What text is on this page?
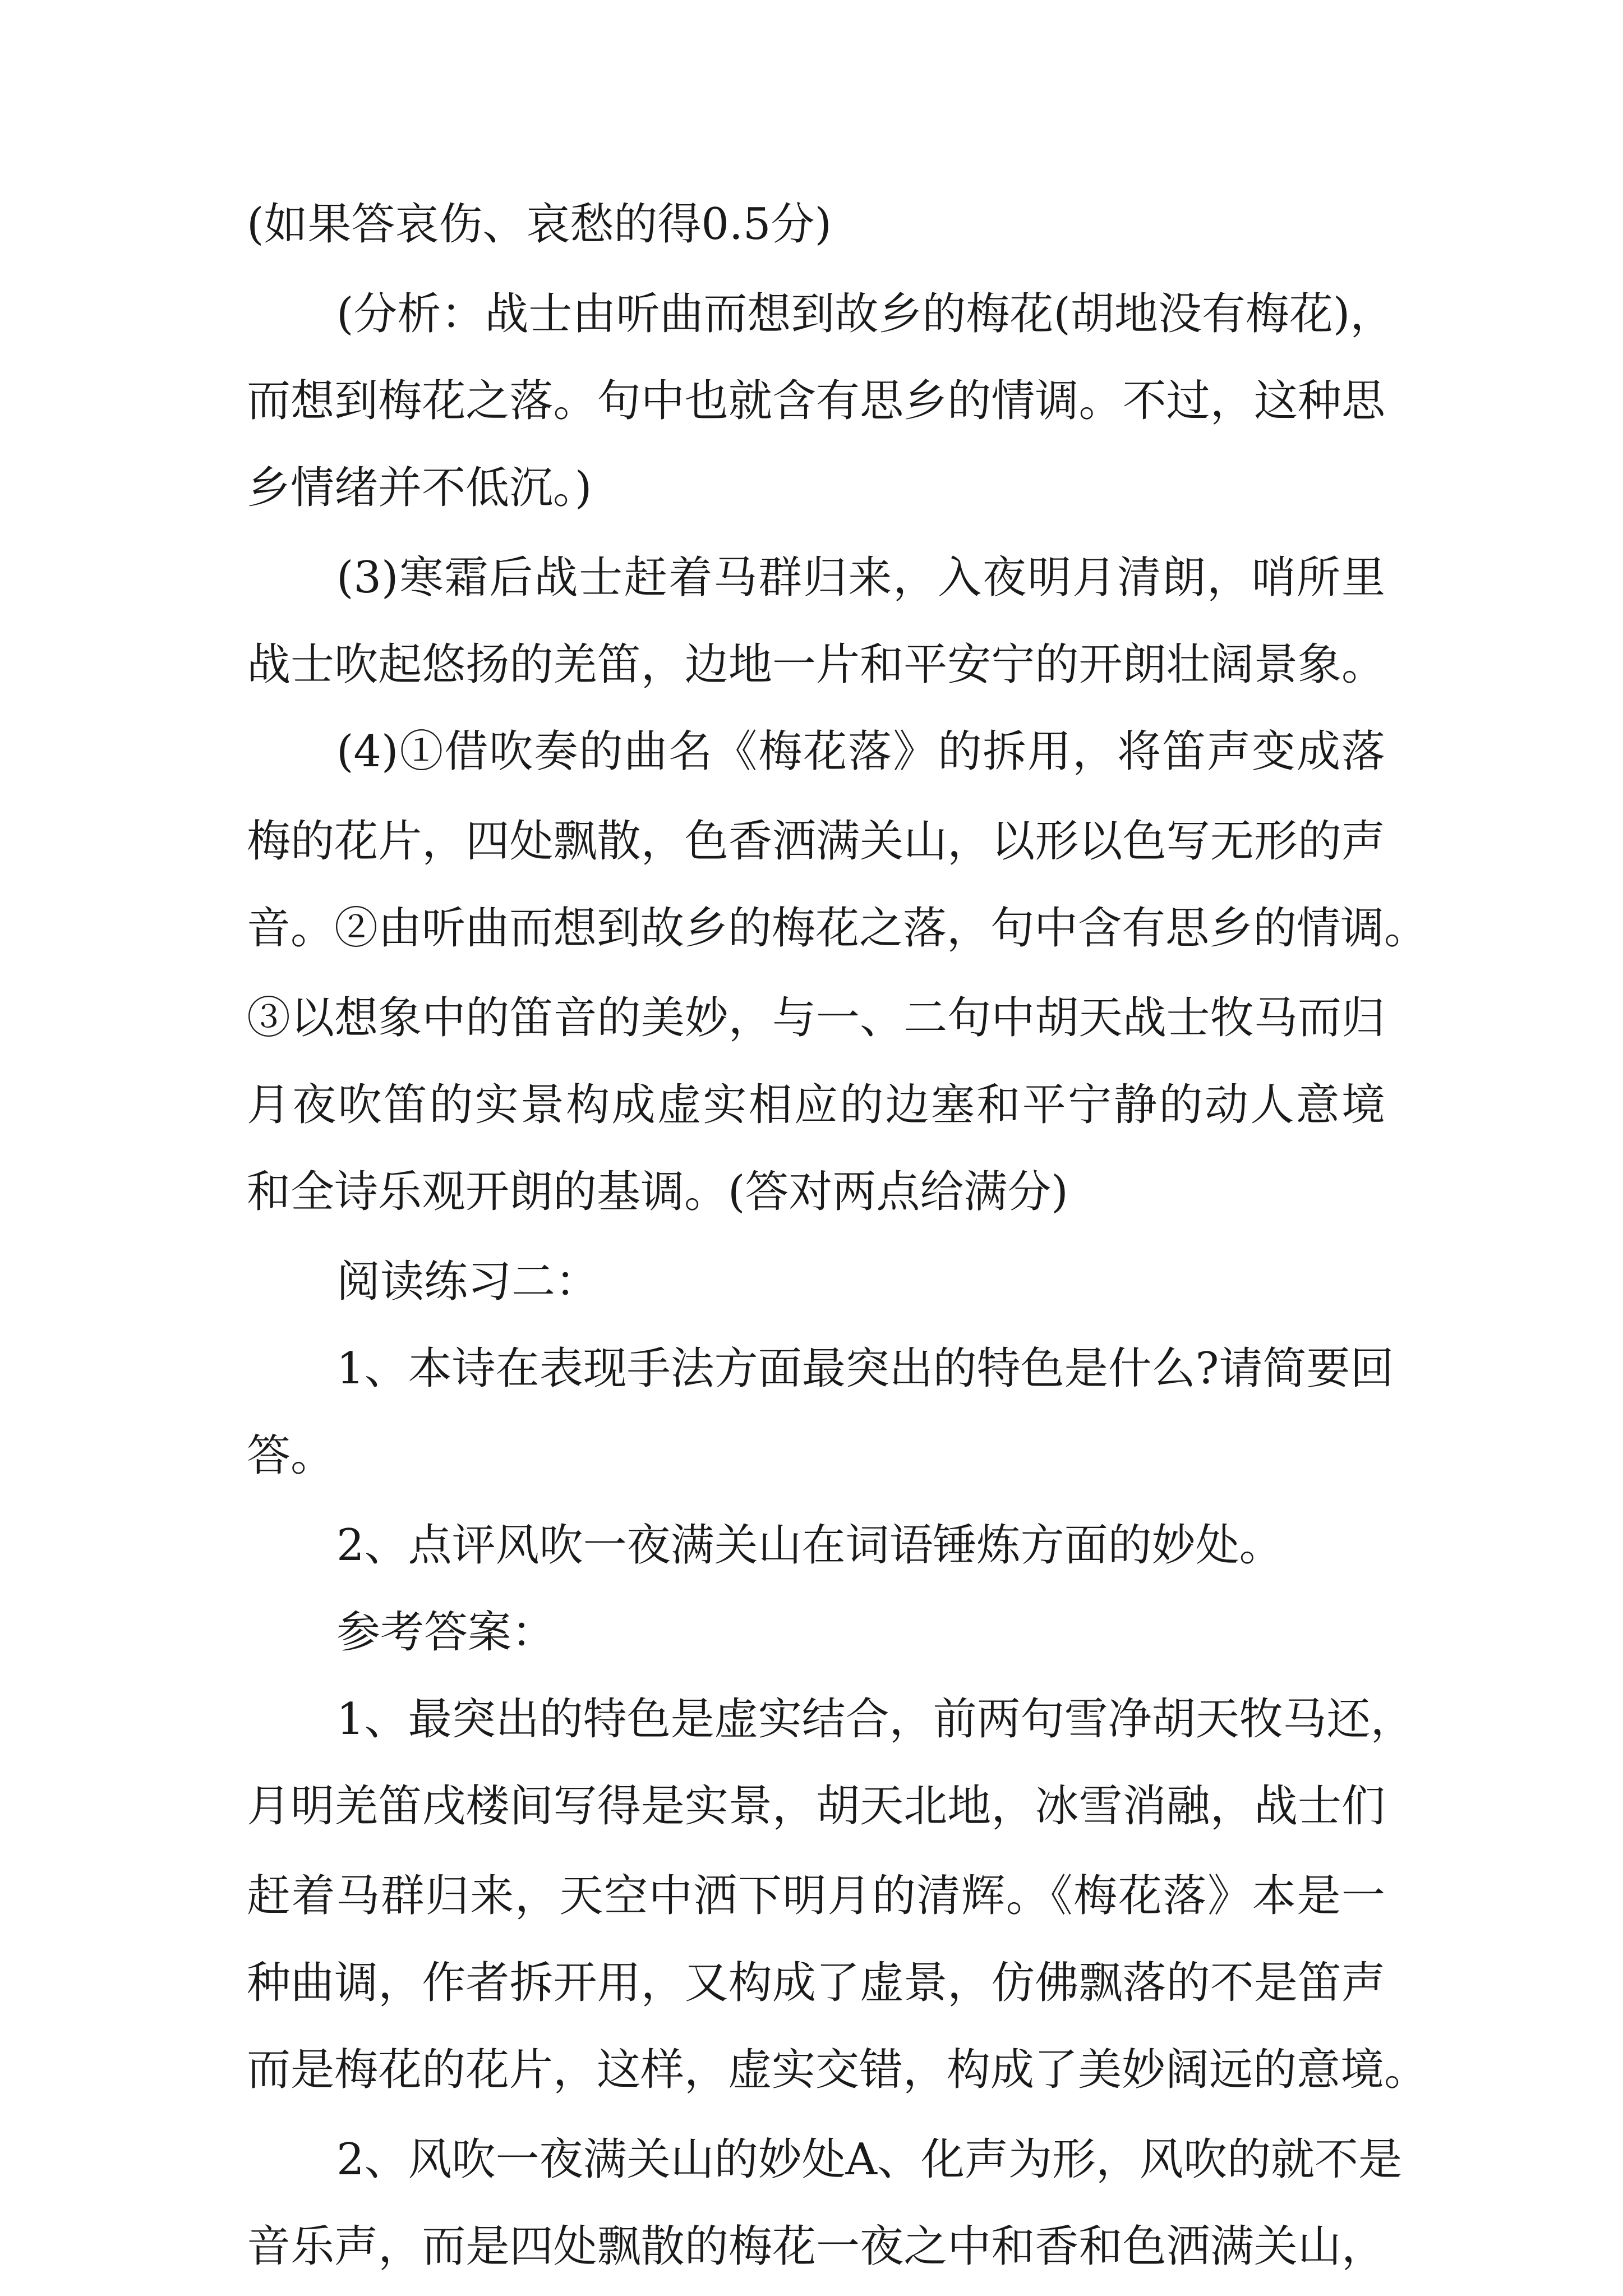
(如果答哀伤、哀愁的得0.5分)
(分析：战士由听曲而想到故乡的梅花(胡地没有梅花)，
而想到梅花之落。句中也就含有思乡的情调。不过，这种思
乡情绪并不低沉。)
(3)寒霜后战士赶着马群归来，入夜明月清朗，哨所里
战士吹起悠扬的羌笛，边地一片和平安宁的开朗壮阔景象。
(4)①借吹奏的曲名《梅花落》的拆用，将笛声变成落
梅的花片，四处飘散，色香洒满关山，以形以色写无形的声
音。②由听曲而想到故乡的梅花之落，句中含有思乡的情调。
③以想象中的笛音的美妙，与一、二句中胡天战士牧马而归
月夜吹笛的实景构成虚实相应的边塞和平宁静的动人意境
和全诗乐观开朗的基调。(答对两点给满分)
阅读练习二：
1、本诗在表现手法方面最突出的特色是什么?请简要回
答。
2、点评风吹一夜满关山在词语锤炼方面的妙处。
参考答案：
1、最突出的特色是虚实结合，前两句雪净胡天牧马还，
月明羌笛戌楼间写得是实景，胡天北地，冰雪消融，战士们
赶着马群归来，天空中洒下明月的清辉。《梅花落》本是一
种曲调，作者拆开用，又构成了虚景，仿佛飘落的不是笛声
而是梅花的花片，这样，虚实交错，构成了美妙阔远的意境。
2、风吹一夜满关山的妙处A、化声为形，风吹的就不是
音乐声，而是四处飘散的梅花一夜之中和香和色洒满关山，
